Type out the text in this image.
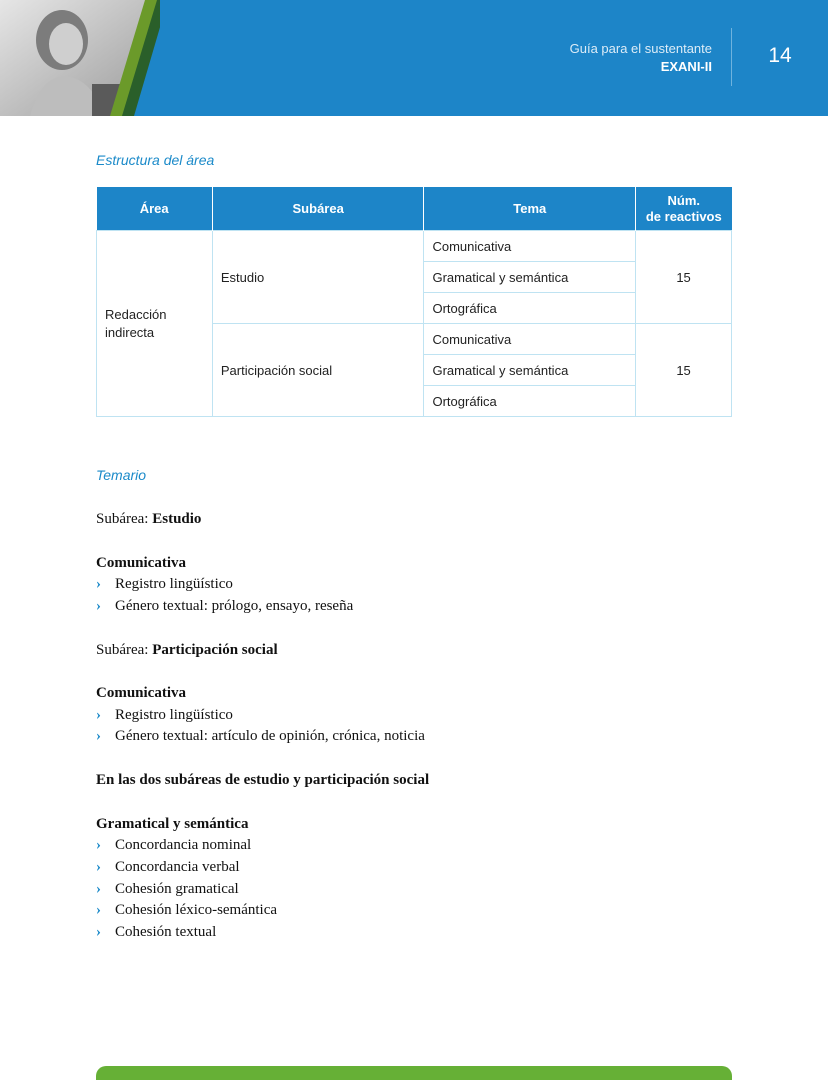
Guía para el sustentante
EXANI-II	14
Estructura del área
Área	Subárea	Tema	Núm.
de reactivos
Redacción
indirecta	Estudio	Comunicativa	15
		Gramatical y semántica	
		Ortográfica	
	Participación social	Comunicativa	15
		Gramatical y semántica	
		Ortográfica	
Temario
Subárea: Estudio
Comunicativa
› Registro lingüístico
› Género textual: prólogo, ensayo, reseña
Subárea: Participación social
Comunicativa
› Registro lingüístico
› Género textual: artículo de opinión, crónica, noticia
En las dos subáreas de estudio y participación social
Gramatical y semántica
› Concordancia nominal
› Concordancia verbal
› Cohesión gramatical
› Cohesión léxico-semántica
› Cohesión textual
